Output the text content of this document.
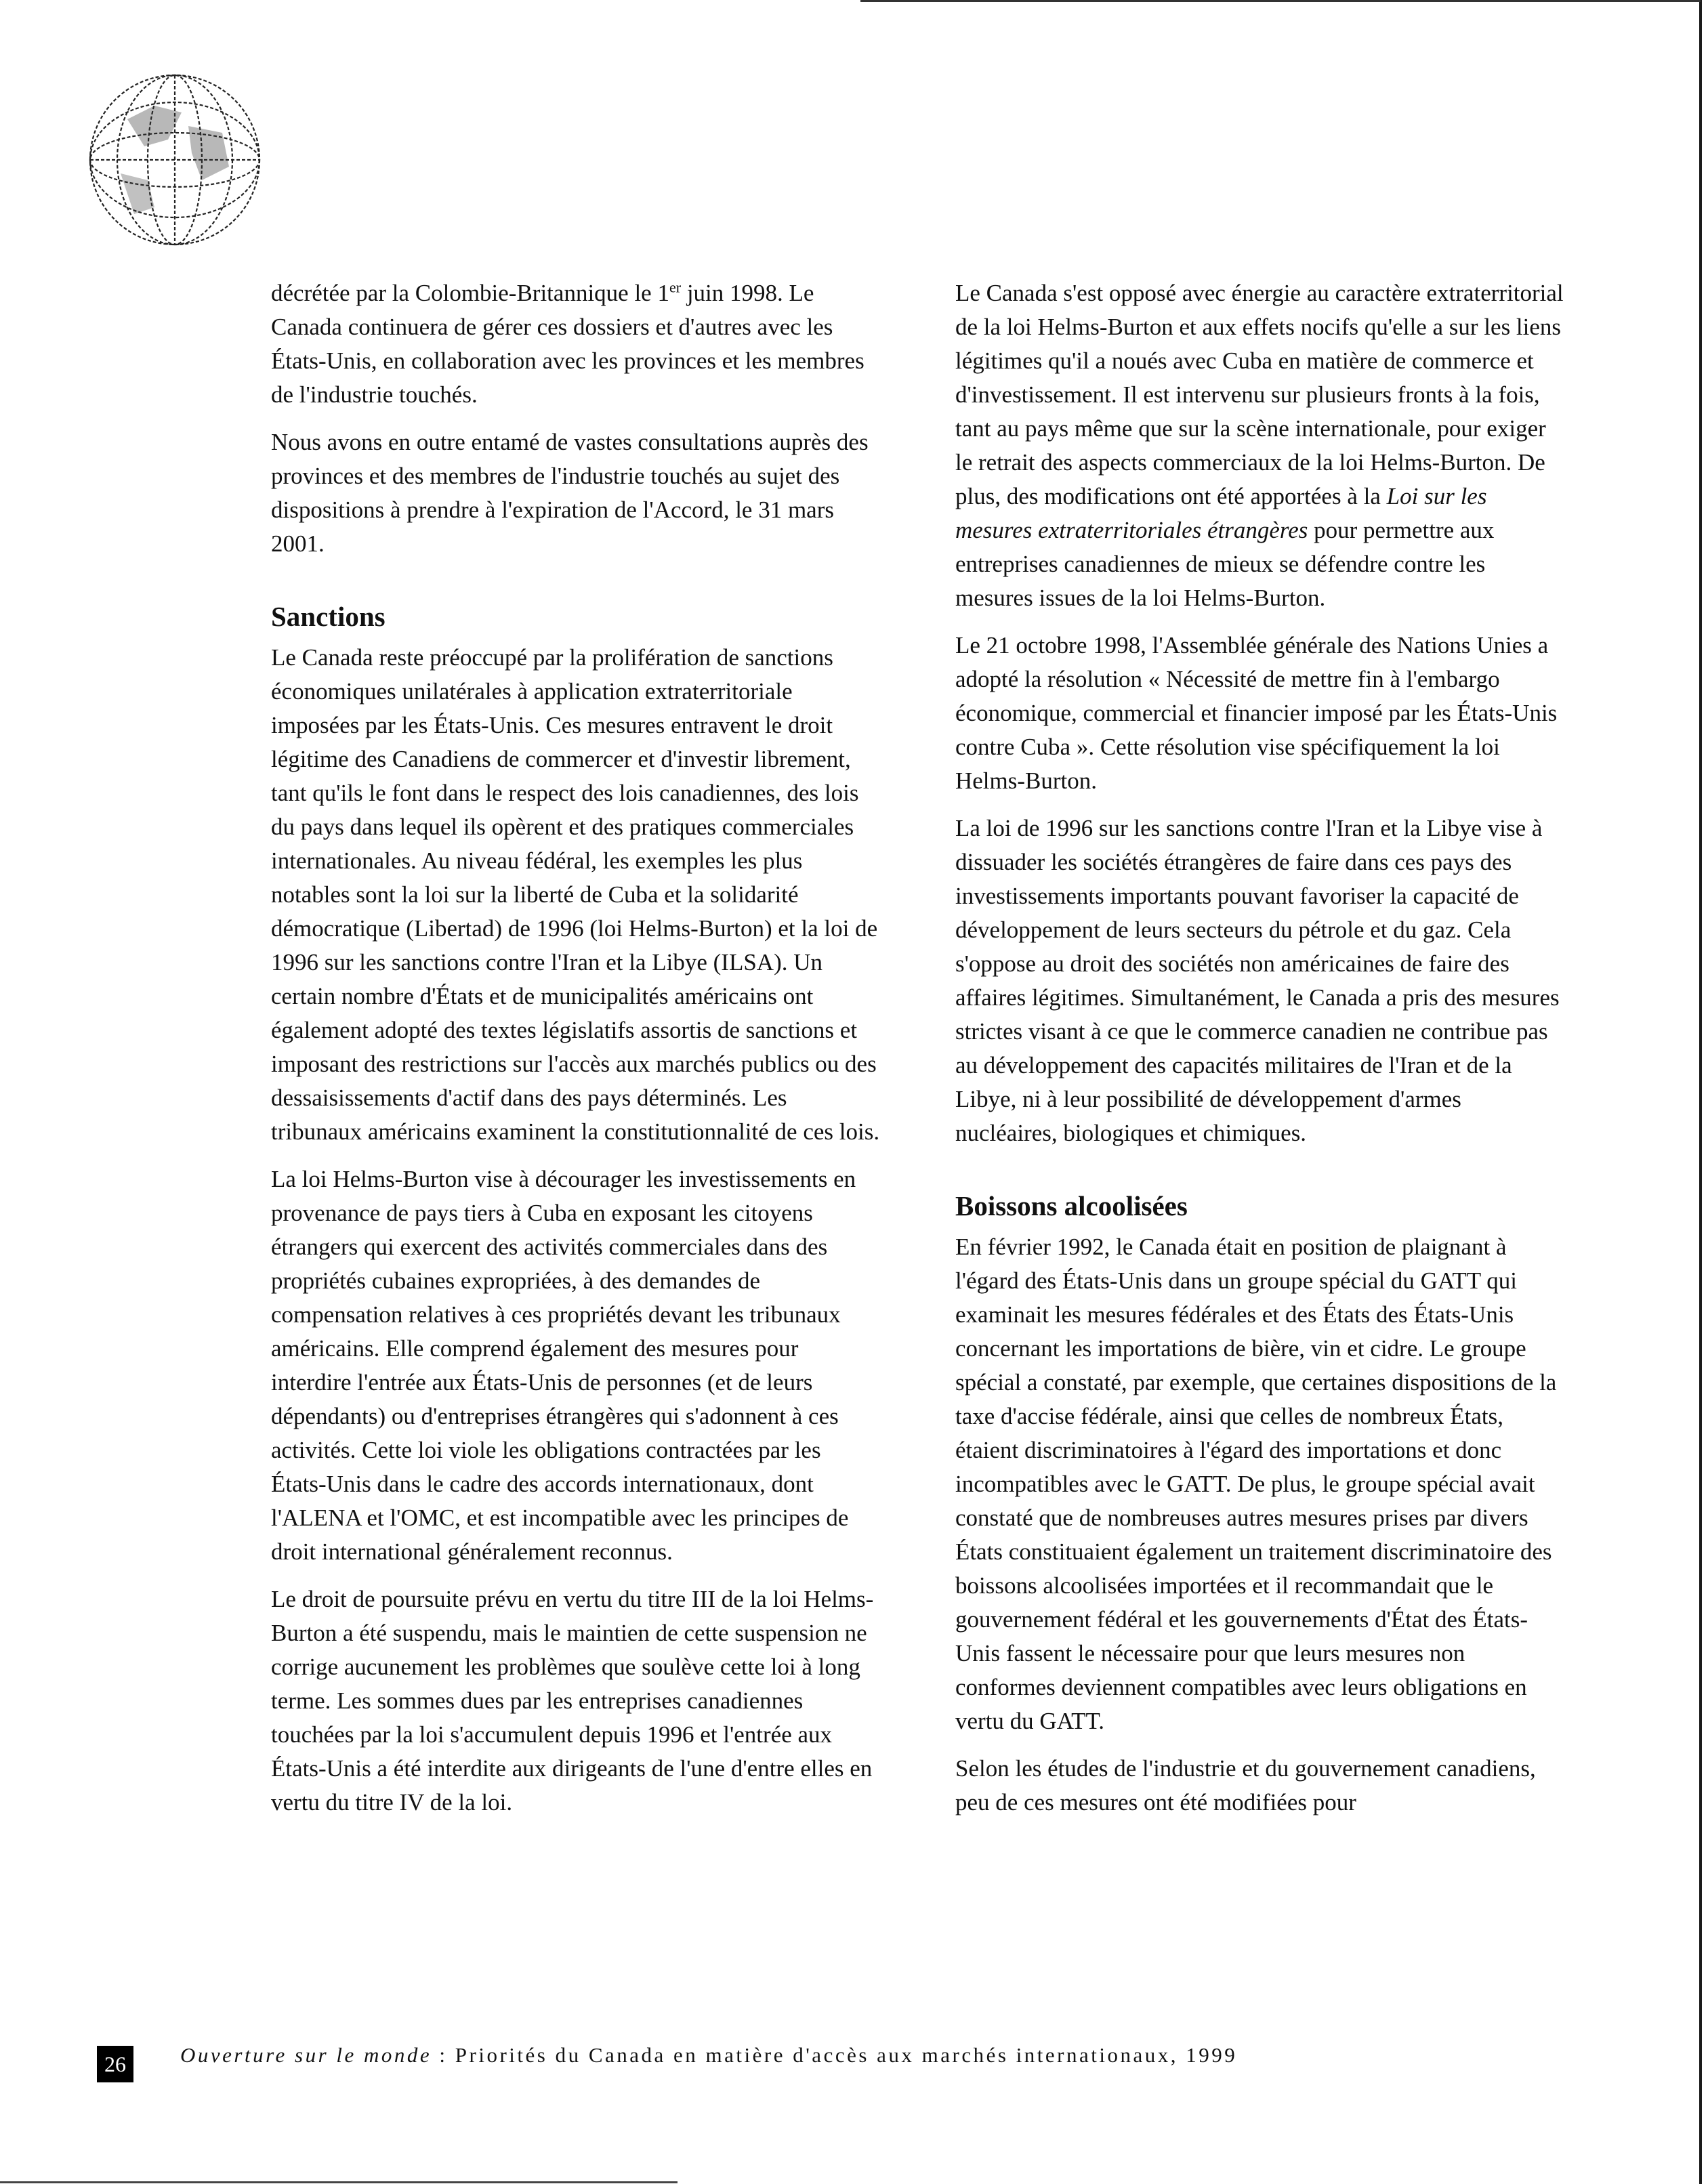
décrétée par la Colombie-Britannique le 1er juin 1998. Le Canada continuera de gérer ces dossiers et d'autres avec les États-Unis, en collaboration avec les provinces et les membres de l'industrie touchés.

Nous avons en outre entamé de vastes consultations auprès des provinces et des membres de l'industrie touchés au sujet des dispositions à prendre à l'expiration de l'Accord, le 31 mars 2001.

Sanctions

Le Canada reste préoccupé par la prolifération de sanctions économiques unilatérales à application extraterritoriale imposées par les États-Unis. Ces mesures entravent le droit légitime des Canadiens de commercer et d'investir librement, tant qu'ils le font dans le respect des lois canadiennes, des lois du pays dans lequel ils opèrent et des pratiques commerciales internationales. Au niveau fédéral, les exemples les plus notables sont la loi sur la liberté de Cuba et la solidarité démocratique (Libertad) de 1996 (loi Helms-Burton) et la loi de 1996 sur les sanctions contre l'Iran et la Libye (ILSA). Un certain nombre d'États et de municipalités américains ont également adopté des textes législatifs assortis de sanctions et imposant des restrictions sur l'accès aux marchés publics ou des dessaisissements d'actif dans des pays déterminés. Les tribunaux américains examinent la constitutionnalité de ces lois.

La loi Helms-Burton vise à décourager les investissements en provenance de pays tiers à Cuba en exposant les citoyens étrangers qui exercent des activités commerciales dans des propriétés cubaines expropriées, à des demandes de compensation relatives à ces propriétés devant les tribunaux américains. Elle comprend également des mesures pour interdire l'entrée aux États-Unis de personnes (et de leurs dépendants) ou d'entreprises étrangères qui s'adonnent à ces activités. Cette loi viole les obligations contractées par les États-Unis dans le cadre des accords internationaux, dont l'ALENA et l'OMC, et est incompatible avec les principes de droit international généralement reconnus.

Le droit de poursuite prévu en vertu du titre III de la loi Helms-Burton a été suspendu, mais le maintien de cette suspension ne corrige aucunement les problèmes que soulève cette loi à long terme. Les sommes dues par les entreprises canadiennes touchées par la loi s'accumulent depuis 1996 et l'entrée aux États-Unis a été interdite aux dirigeants de l'une d'entre elles en vertu du titre IV de la loi.

Le Canada s'est opposé avec énergie au caractère extraterritorial de la loi Helms-Burton et aux effets nocifs qu'elle a sur les liens légitimes qu'il a noués avec Cuba en matière de commerce et d'investissement. Il est intervenu sur plusieurs fronts à la fois, tant au pays même que sur la scène internationale, pour exiger le retrait des aspects commerciaux de la loi Helms-Burton. De plus, des modifications ont été apportées à la Loi sur les mesures extraterritoriales étrangères pour permettre aux entreprises canadiennes de mieux se défendre contre les mesures issues de la loi Helms-Burton.

Le 21 octobre 1998, l'Assemblée générale des Nations Unies a adopté la résolution « Nécessité de mettre fin à l'embargo économique, commercial et financier imposé par les États-Unis contre Cuba ». Cette résolution vise spécifiquement la loi Helms-Burton.

La loi de 1996 sur les sanctions contre l'Iran et la Libye vise à dissuader les sociétés étrangères de faire dans ces pays des investissements importants pouvant favoriser la capacité de développement de leurs secteurs du pétrole et du gaz. Cela s'oppose au droit des sociétés non américaines de faire des affaires légitimes. Simultanément, le Canada a pris des mesures strictes visant à ce que le commerce canadien ne contribue pas au développement des capacités militaires de l'Iran et de la Libye, ni à leur possibilité de développement d'armes nucléaires, biologiques et chimiques.

Boissons alcoolisées

En février 1992, le Canada était en position de plaignant à l'égard des États-Unis dans un groupe spécial du GATT qui examinait les mesures fédérales et des États des États-Unis concernant les importations de bière, vin et cidre. Le groupe spécial a constaté, par exemple, que certaines dispositions de la taxe d'accise fédérale, ainsi que celles de nombreux États, étaient discriminatoires à l'égard des importations et donc incompatibles avec le GATT. De plus, le groupe spécial avait constaté que de nombreuses autres mesures prises par divers États constituaient également un traitement discriminatoire des boissons alcoolisées importées et il recommandait que le gouvernement fédéral et les gouvernements d'État des États-Unis fassent le nécessaire pour que leurs mesures non conformes deviennent compatibles avec leurs obligations en vertu du GATT.

Selon les études de l'industrie et du gouvernement canadiens, peu de ces mesures ont été modifiées pour

26	Ouverture sur le monde : Priorités du Canada en matière d'accès aux marchés internationaux, 1999
